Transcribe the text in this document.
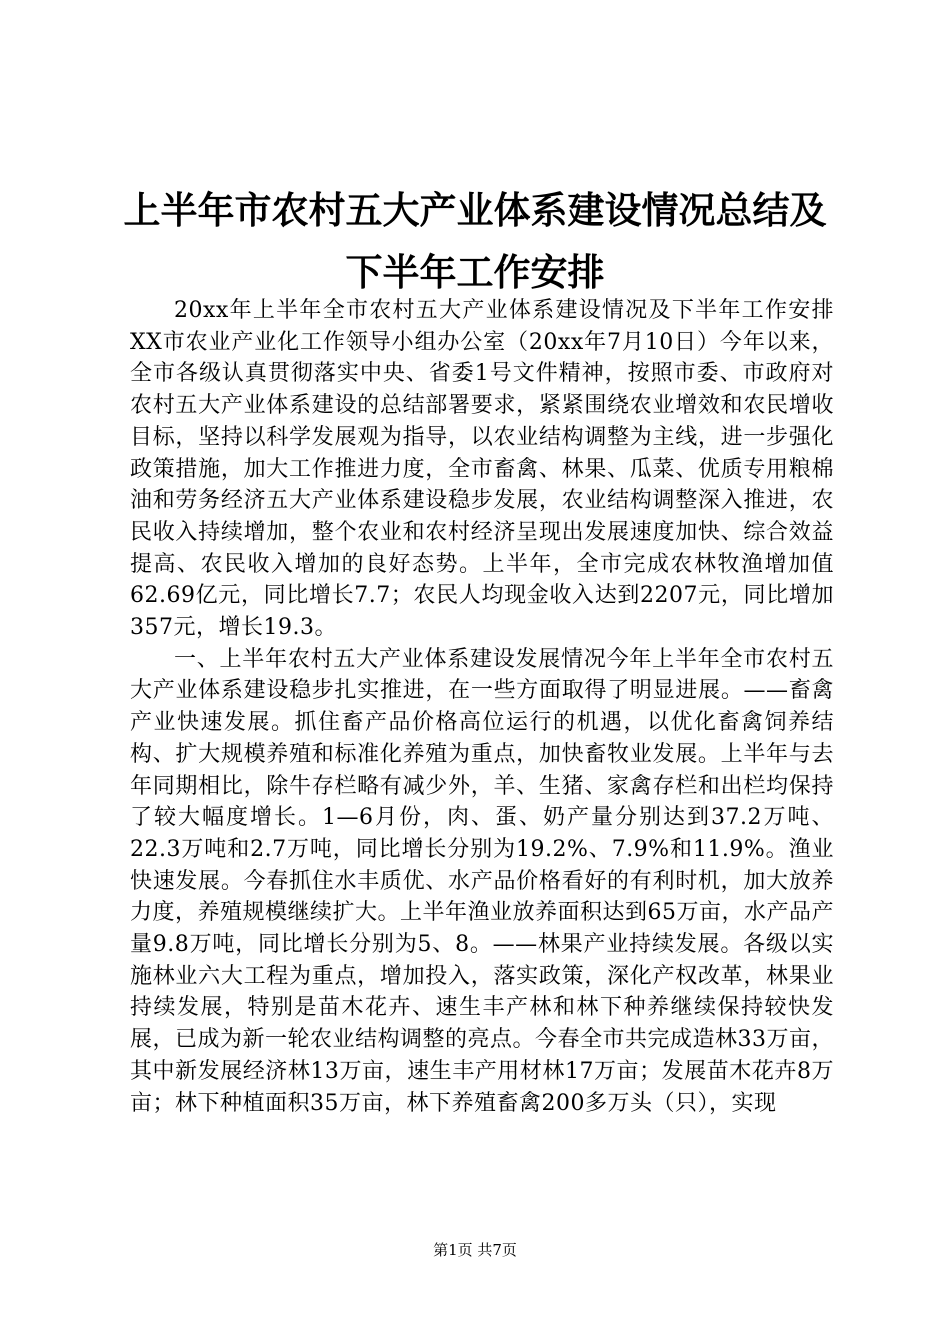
上半年市农村五大产业体系建设情况总结及下半年工作安排

20xx年上半年全市农村五大产业体系建设情况及下半年工作安排XX市农业产业化工作领导小组办公室（20xx年7月10日）今年以来，全市各级认真贯彻落实中央、省委1号文件精神，按照市委、市政府对农村五大产业体系建设的总结部署要求，紧紧围绕农业增效和农民增收目标，坚持以科学发展观为指导，以农业结构调整为主线，进一步强化政策措施，加大工作推进力度，全市畜禽、林果、瓜菜、优质专用粮棉油和劳务经济五大产业体系建设稳步发展，农业结构调整深入推进，农民收入持续增加，整个农业和农村经济呈现出发展速度加快、综合效益提高、农民收入增加的良好态势。上半年，全市完成农林牧渔增加值62.69亿元，同比增长7.7；农民人均现金收入达到2207元，同比增加357元，增长19.3。

一、上半年农村五大产业体系建设发展情况今年上半年全市农村五大产业体系建设稳步扎实推进，在一些方面取得了明显进展。——畜禽产业快速发展。抓住畜产品价格高位运行的机遇，以优化畜禽饲养结构、扩大规模养殖和标准化养殖为重点，加快畜牧业发展。上半年与去年同期相比，除牛存栏略有减少外，羊、生猪、家禽存栏和出栏均保持了较大幅度增长。1—6月份，肉、蛋、奶产量分别达到37.2万吨、22.3万吨和2.7万吨，同比增长分别为19.2%、7.9%和11.9%。渔业快速发展。今春抓住水丰质优、水产品价格看好的有利时机，加大放养力度，养殖规模继续扩大。上半年渔业放养面积达到65万亩，水产品产量9.8万吨，同比增长分别为5、8。——林果产业持续发展。各级以实施林业六大工程为重点，增加投入，落实政策，深化产权改革，林果业持续发展，特别是苗木花卉、速生丰产林和林下种养继续保持较快发展，已成为新一轮农业结构调整的亮点。今春全市共完成造林33万亩，其中新发展经济林13万亩，速生丰产用材林17万亩；发展苗木花卉8万亩；林下种植面积35万亩，林下养殖畜禽200多万头（只），实现

第1页 共7页
